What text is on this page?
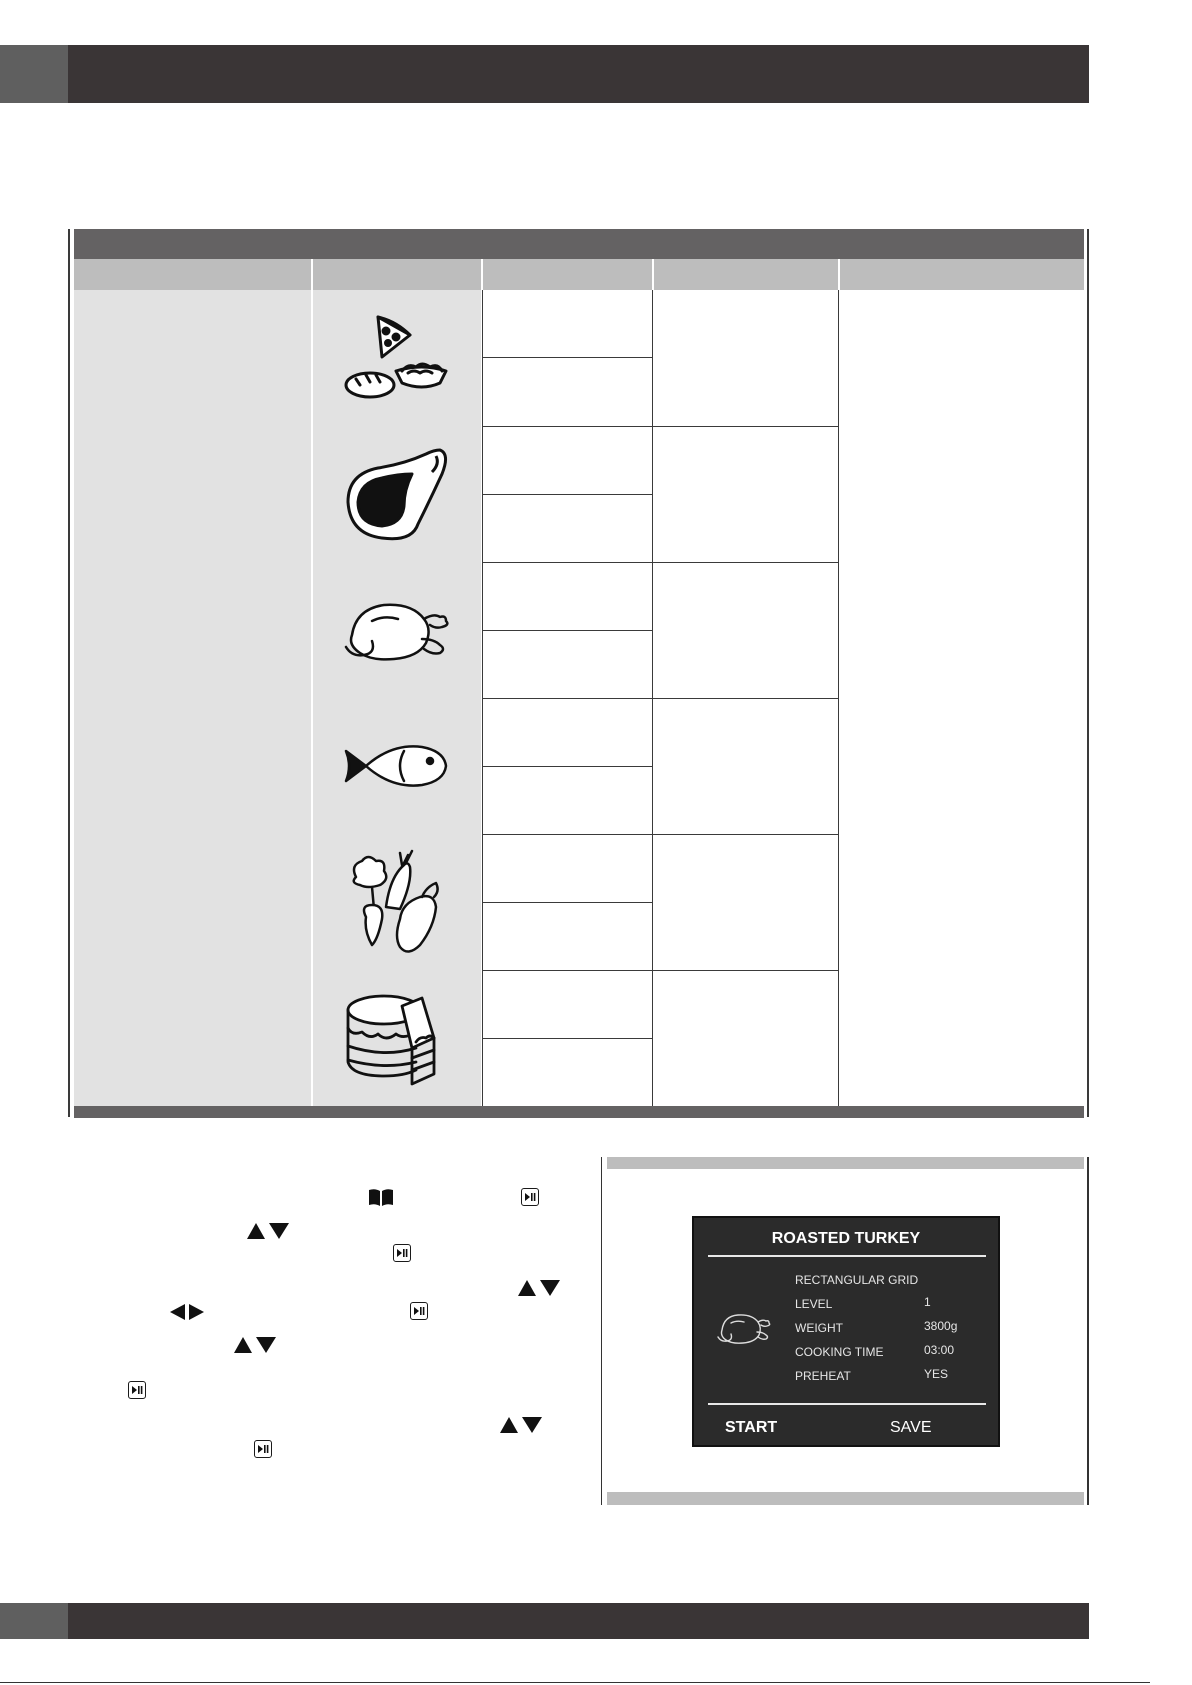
ROASTED TURKEY
RECTANGULAR GRID
LEVEL	1
WEIGHT	3800g
COOKING TIME	03:00
PREHEAT	YES
START	SAVE
